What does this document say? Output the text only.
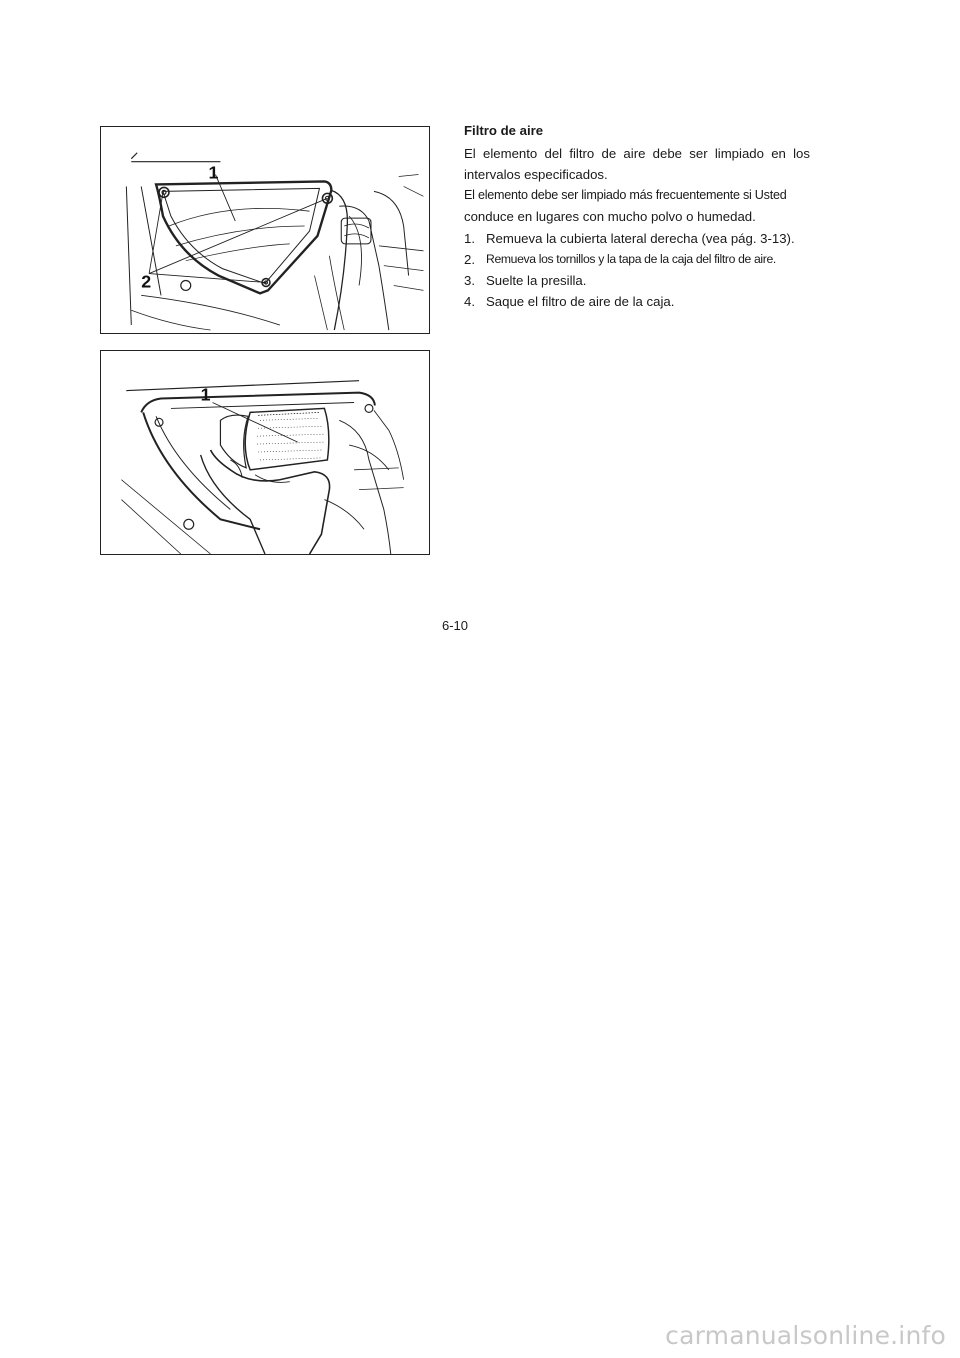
1
2
1
Filtro de aire

El elemento del filtro de aire debe ser limpiado en los intervalos especificados.

El elemento debe ser limpiado más frecuentemente si Usted

conduce en lugares con mucho polvo o humedad.

1. Remueva la cubierta lateral derecha (vea pág. 3-13).
2. Remueva los tornillos y la tapa de la caja del filtro de aire.
3. Suelte la presilla.
4. Saque el filtro de aire de la caja.
6-10
carmanualsonline.info
